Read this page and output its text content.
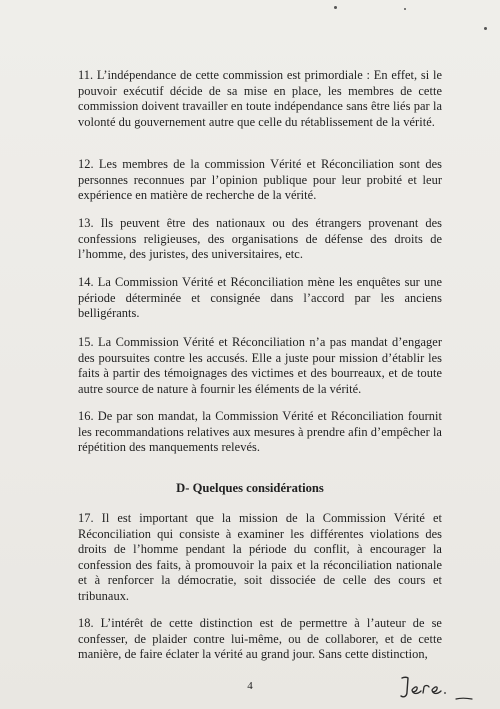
11. L’indépendance de cette commission est primordiale : En effet, si le pouvoir exécutif décide de sa mise en place, les membres de cette commission doivent travailler en toute indépendance sans être liés par la volonté du gouvernement autre que celle du rétablissement de la vérité.

12. Les membres de la commission Vérité et Réconciliation sont des personnes reconnues par l’opinion publique pour leur probité et leur expérience en matière de recherche de la vérité.

13. Ils peuvent être des nationaux ou des étrangers provenant des confessions religieuses, des organisations de défense des droits de l’homme, des juristes, des universitaires, etc.

14. La Commission Vérité et Réconciliation mène les enquêtes sur une période déterminée et consignée dans l’accord par les anciens belligérants.

15. La Commission Vérité et Réconciliation n’a pas mandat d’engager des poursuites contre les accusés. Elle a juste pour mission d’établir les faits à partir des témoignages des victimes et des bourreaux, et de toute autre source de nature à fournir les éléments de la vérité.

16. De par son mandat, la Commission Vérité et Réconciliation fournit les recommandations relatives aux mesures à prendre afin d’empêcher la répétition des manquements relevés.

D- Quelques considérations

17. Il est important que la mission de la Commission Vérité et Réconciliation qui consiste à examiner les différentes violations des droits de l’homme pendant la période du conflit, à encourager la confession des faits, à promouvoir la paix et la réconciliation nationale et à renforcer la démocratie, soit dissociée de celle des cours et tribunaux.

18. L’intérêt de cette distinction est de permettre à l’auteur de se confesser, de plaider contre lui-même, ou de collaborer, et de cette manière, de faire éclater la vérité au grand jour. Sans cette distinction,

4
